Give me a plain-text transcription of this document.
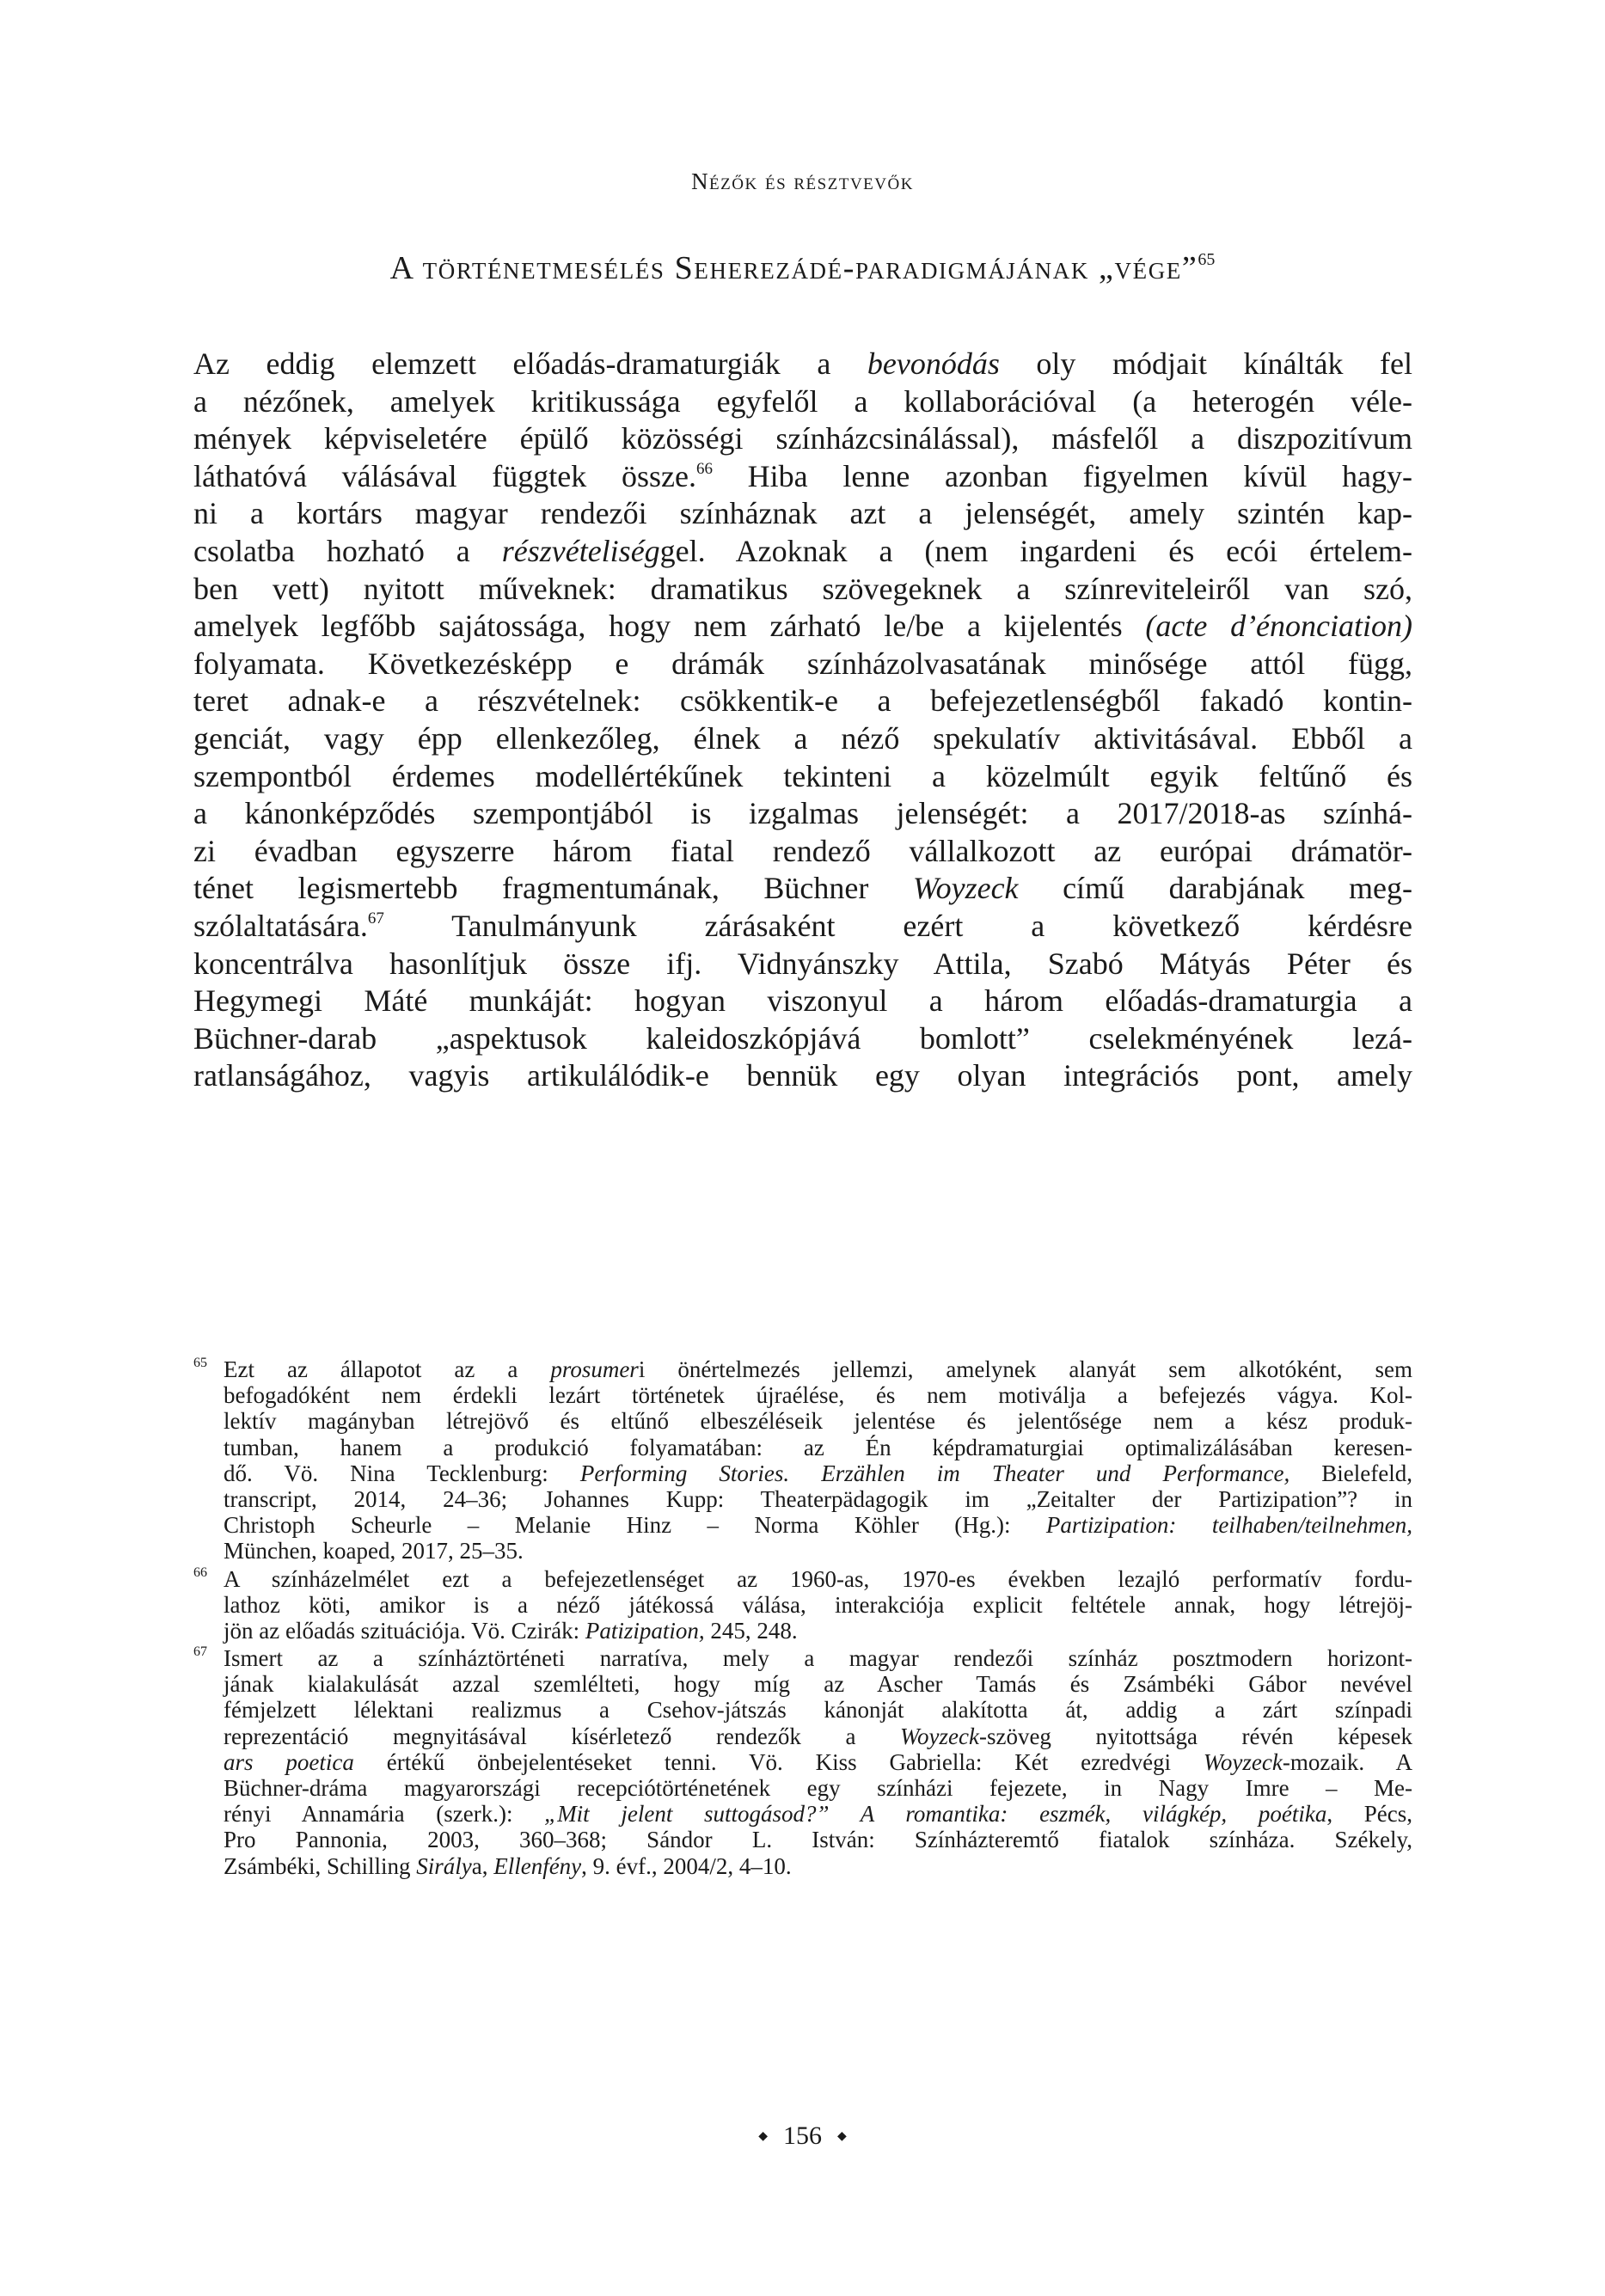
Nézők és résztvevők
A történetmesélés Seherezádé-paradigmájának „vége”$^{65}$
Az eddig elemzett előadás-dramaturgiák a bevonódás oly módjait kínálták fel
a nézőnek, amelyek kritikussága egyfelől a kollaborációval (a heterogén véle-
mények képviseletére épülő közösségi színházcsinálással), másfelől a diszpozitívum
láthatóvá válásával függtek össze.$^{66}$ Hiba lenne azonban figyelmen kívül hagy-
ni a kortárs magyar rendezői színháznak azt a jelenségét, amely szintén kap-
csolatba hozható a részvételiséggel. Azoknak a (nem ingardeni és ecói értelem-
ben vett) nyitott műveknek: dramatikus szövegeknek a színreviteleiről van szó,
amelyek legfőbb sajátossága, hogy nem zárható le/be a kijelentés (acte d’énonciation)
folyamata. Következésképp e drámák színházolvasatának minősége attól függ,
teret adnak-e a részvételnek: csökkentik-e a befejezetlenségből fakadó kontin-
genciát, vagy épp ellenkezőleg, élnek a néző spekulatív aktivitásával. Ebből a
szempontból érdemes modellértékűnek tekinteni a közelmúlt egyik feltűnő és
a kánonképződés szempontjából is izgalmas jelenségét: a 2017/2018-as színhá-
zi évadban egyszerre három fiatal rendező vállalkozott az európai drámatör-
ténet legismertebb fragmentumának, Büchner Woyzeck című darabjának meg-
szólaltatására.$^{67}$ Tanulmányunk zárásaként ezért a következő kérdésre
koncentrálva hasonlítjuk össze ifj. Vidnyánszky Attila, Szabó Mátyás Péter és
Hegymegi Máté munkáját: hogyan viszonyul a három előadás-dramaturgia a
Büchner-darab „aspektusok kaleidoszkópjává bomlott” cselekményének lezá-
ratlanságához, vagyis artikulálódik-e bennük egy olyan integrációs pont, amely
65 Ezt az állapotot az a prosumeri önértelmezés jellemzi, amelynek alanyát sem alkotóként, sem
befogadóként nem érdekli lezárt történetek újraélése, és nem motiválja a befejezés vágya. Kol-
lektív magányban létrejövő és eltűnő elbeszéléseik jelentése és jelentősége nem a kész produk-
tumban, hanem a produkció folyamatában: az Én képdramaturgiai optimalizálásában keresen-
dő. Vö. Nina Tecklenburg: Performing Stories. Erzählen im Theater und Performance, Bielefeld,
transcript, 2014, 24–36; Johannes Kupp: Theaterpädagogik im „Zeitalter der Partizipation”? in
Christoph Scheurle – Melanie Hinz – Norma Köhler (Hg.): Partizipation: teilhaben/teilnehmen,
München, koaped, 2017, 25–35.
66 A színházelmélet ezt a befejezetlenséget az 1960-as, 1970-es években lezajló performatív fordu-
lathoz köti, amikor is a néző játékossá válása, interakciója explicit feltétele annak, hogy létrejöj-
jön az előadás szituációja. Vö. Czirák: Patizipation, 245, 248.
67 Ismert az a színháztörténeti narratíva, mely a magyar rendezői színház posztmodern horizont-
jának kialakulását azzal szemlélteti, hogy míg az Ascher Tamás és Zsámbéki Gábor nevével
fémjelzett lélektani realizmus a Csehov-játszás kánonját alakította át, addig a zárt színpadi
reprezentáció megnyitásával kísérletező rendezők a Woyzeck-szöveg nyitottsága révén képesek
ars poetica értékű önbejelentéseket tenni. Vö. Kiss Gabriella: Két ezredvégi Woyzeck-mozaik. A
Büchner-dráma magyarországi recepciótörténetének egy színházi fejezete, in Nagy Imre – Me-
rényi Annamária (szerk.): „Mit jelent suttogásod?” A romantika: eszmék, világkép, poétika, Pécs,
Pro Pannonia, 2003, 360–368; Sándor L. István: Színházteremtő fiatalok színháza. Székely,
Zsámbéki, Schilling Sirálya, Ellenfény, 9. évf., 2004/2, 4–10.
◆ 156 ◆
